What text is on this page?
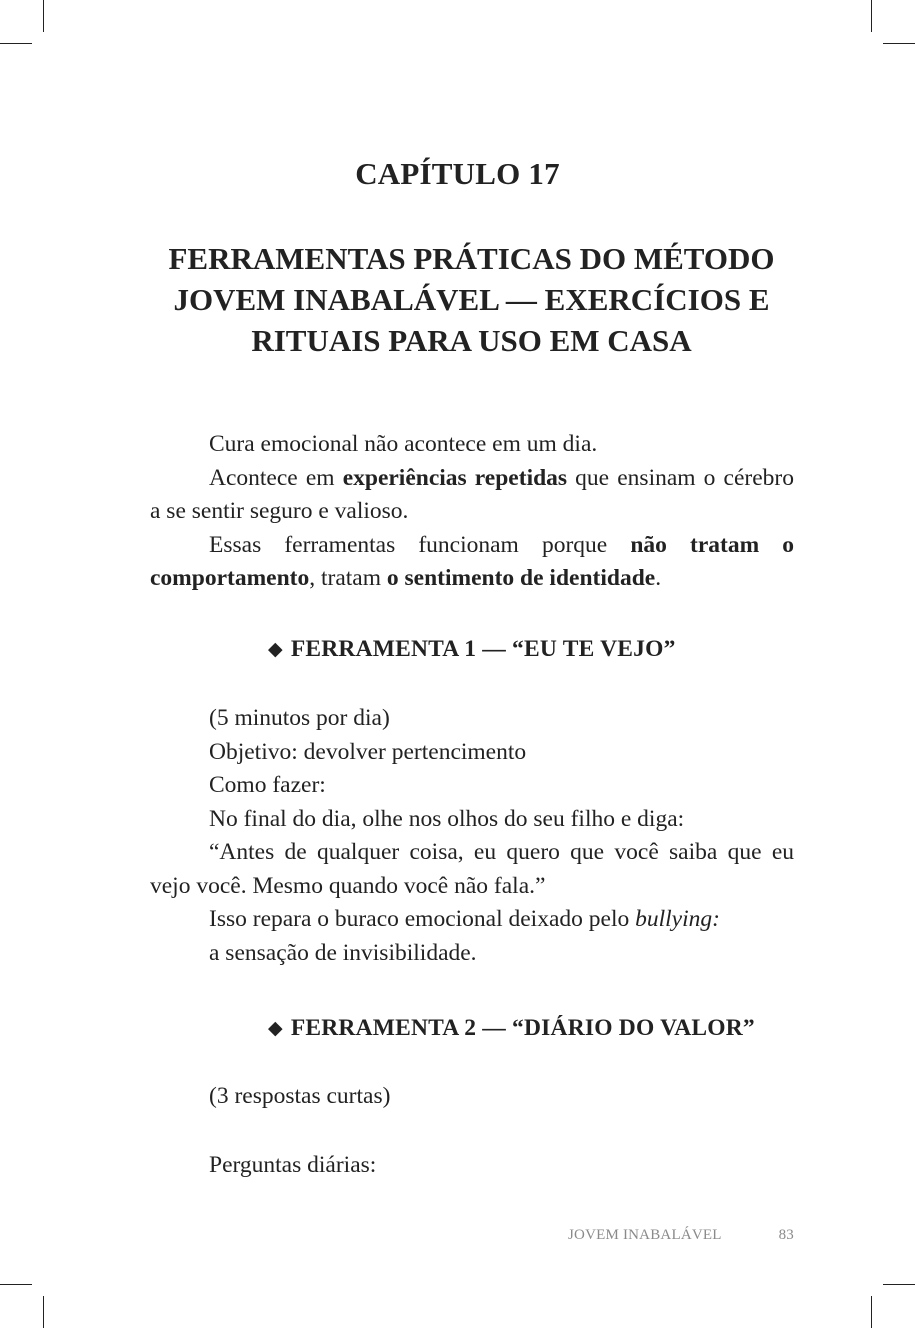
CAPÍTULO 17
FERRAMENTAS PRÁTICAS DO MÉTODO
JOVEM INABALÁVEL — EXERCÍCIOS E
RITUAIS PARA USO EM CASA

Cura emocional não acontece em um dia.

Acontece em experiências repetidas que ensinam o cérebro a se sentir seguro e valioso.

Essas ferramentas funcionam porque não tratam o comportamento, tratam o sentimento de identidade.

◆ FERRAMENTA 1 — “EU TE VEJO”

(5 minutos por dia)

Objetivo: devolver pertencimento

Como fazer:

No final do dia, olhe nos olhos do seu filho e diga:

“Antes de qualquer coisa, eu quero que você saiba que eu vejo você. Mesmo quando você não fala.”

Isso repara o buraco emocional deixado pelo bullying:

a sensação de invisibilidade.

◆ FERRAMENTA 2 — “DIÁRIO DO VALOR”

(3 respostas curtas)

Perguntas diárias:

JOVEM INABALÁVEL	83
